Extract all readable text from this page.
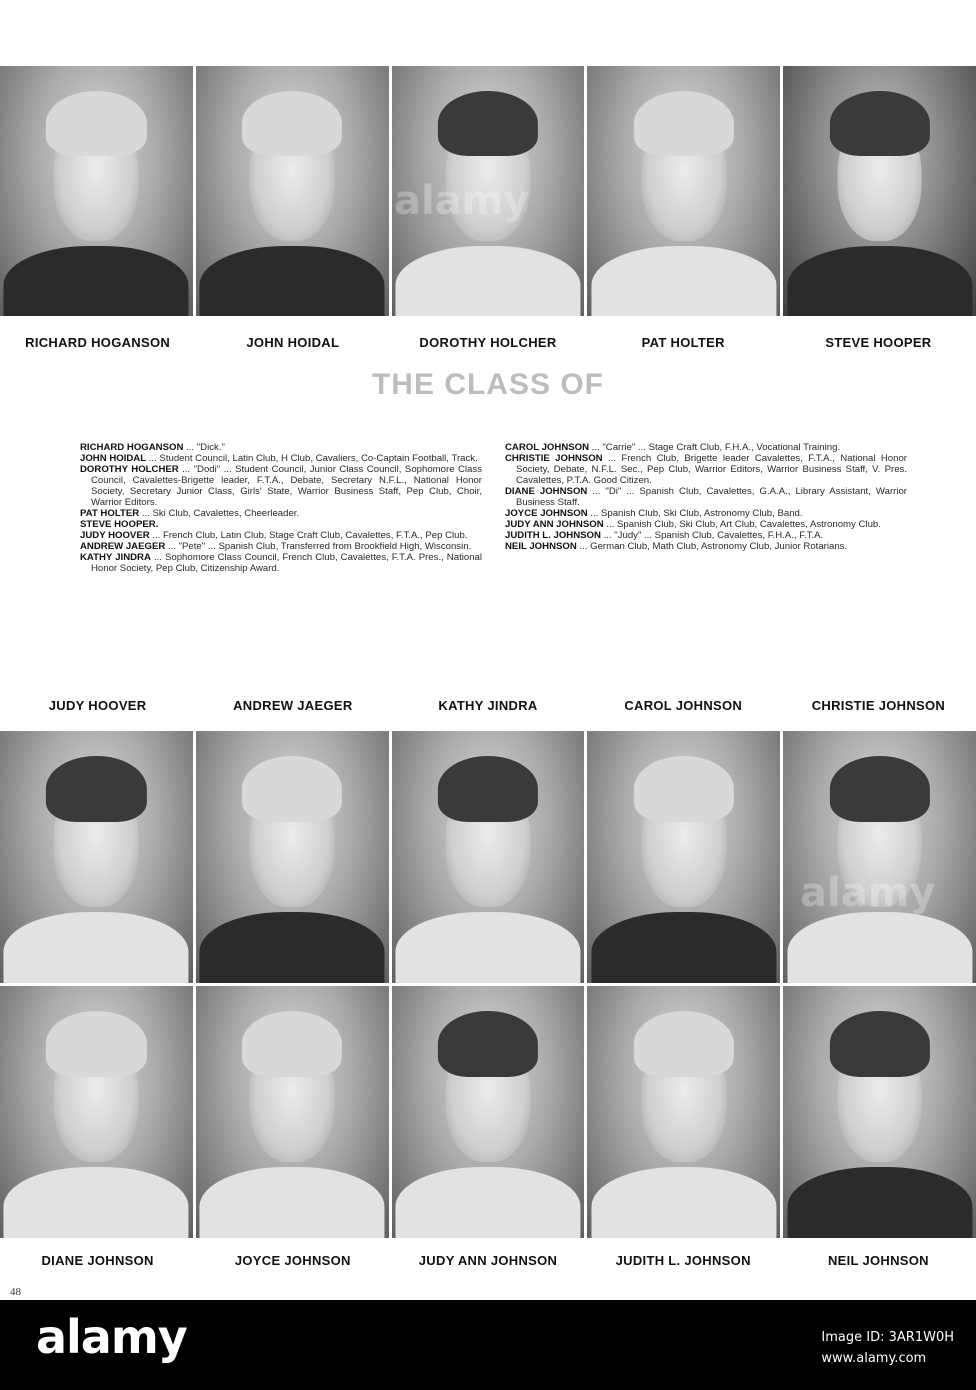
RICHARD HOGANSON	JOHN HOIDAL	DOROTHY HOLCHER	PAT HOLTER	STEVE HOOPER
THE CLASS OF
RICHARD HOGANSON ... "Dick."
JOHN HOIDAL ... Student Council, Latin Club, H Club, Cavaliers, Co-Captain Football, Track.
DOROTHY HOLCHER ... "Dodi" ... Student Council, Junior Class Council, Sophomore Class Council, Cavalettes-Brigette leader, F.T.A., Debate, Secretary N.F.L., National Honor Society, Secretary Junior Class, Girls' State, Warrior Business Staff, Pep Club, Choir, Warrior Editors.
PAT HOLTER ... Ski Club, Cavalettes, Cheerleader.
STEVE HOOPER.
JUDY HOOVER ... French Club, Latin Club, Stage Craft Club, Cavalettes, F.T.A., Pep Club.
ANDREW JAEGER ... "Pete" ... Spanish Club, Transferred from Brookfield High, Wisconsin.
KATHY JINDRA ... Sophomore Class Council, French Club, Cavalettes, F.T.A. Pres., National Honor Society, Pep Club, Citizenship Award.
CAROL JOHNSON ... "Carrie" ... Stage Craft Club, F.H.A., Vocational Training.
CHRISTIE JOHNSON ... French Club, Brigette leader Cavalettes, F.T.A., National Honor Society, Debate, N.F.L. Sec., Pep Club, Warrior Editors, Warrior Business Staff, V. Pres. Cavalettes, P.T.A. Good Citizen.
DIANE JOHNSON ... "Di" ... Spanish Club, Cavalettes, G.A.A., Library Assistant, Warrior Business Staff.
JOYCE JOHNSON ... Spanish Club, Ski Club, Astronomy Club, Band.
JUDY ANN JOHNSON ... Spanish Club, Ski Club, Art Club, Cavalettes, Astronomy Club.
JUDITH L. JOHNSON ... "Judy" ... Spanish Club, Cavalettes, F.H.A., F.T.A.
NEIL JOHNSON ... German Club, Math Club, Astronomy Club, Junior Rotarians.
JUDY HOOVER	ANDREW JAEGER	KATHY JINDRA	CAROL JOHNSON	CHRISTIE JOHNSON
DIANE JOHNSON	JOYCE JOHNSON	JUDY ANN JOHNSON	JUDITH L. JOHNSON	NEIL JOHNSON
48
alamy
alamy
alamy	Image ID: 3AR1W0H
www.alamy.com
